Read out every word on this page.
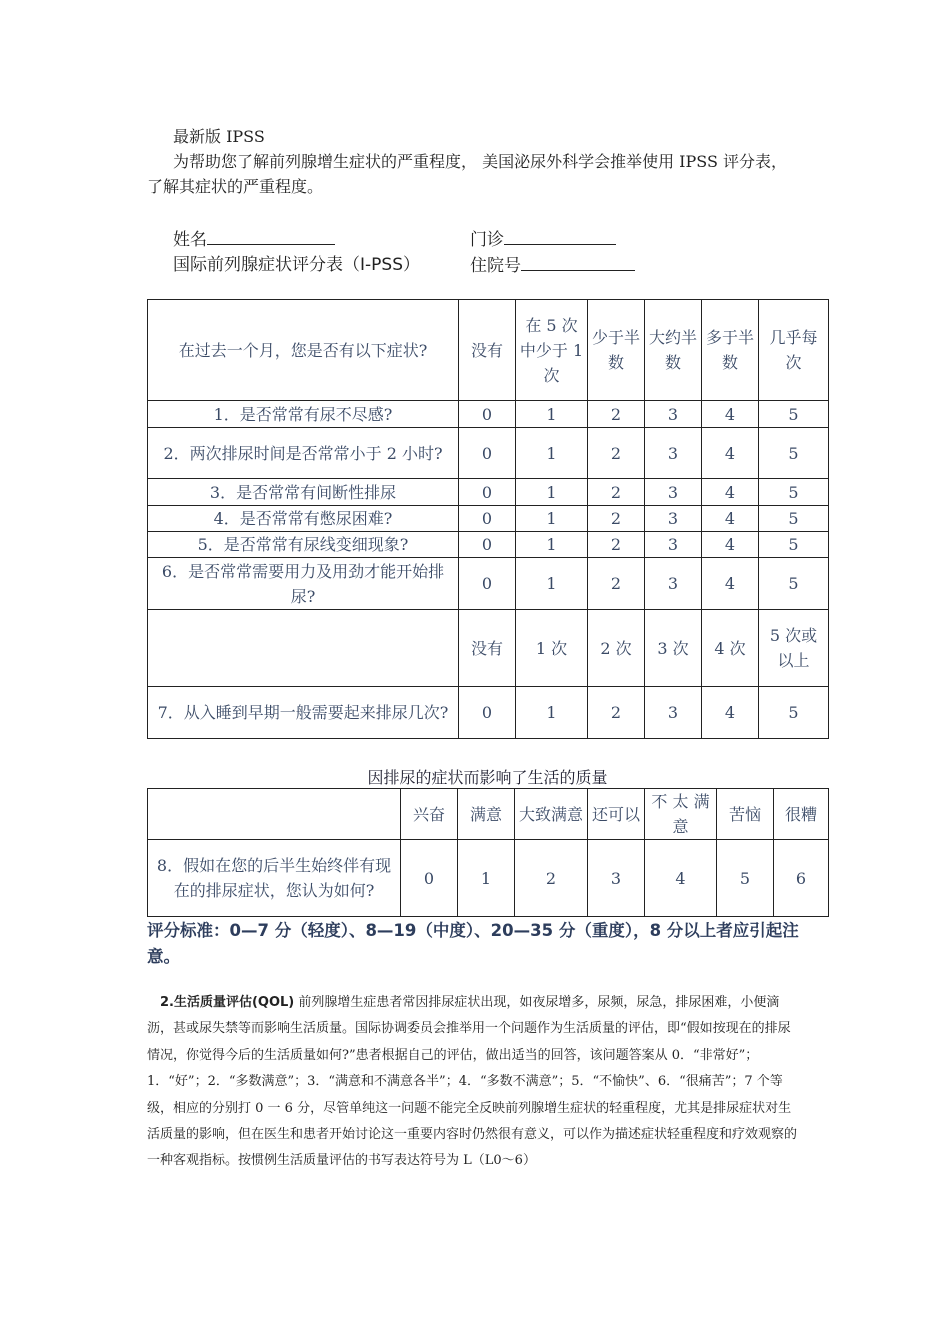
最新版 IPSS

为帮助您了解前列腺增生症状的严重程度， 美国泌尿外科学会推举使用 IPSS 评分表，了解其症状的严重程度。

姓名	门诊
国际前列腺症状评分表（I-PSS）	住院号
在过去一个月，您是否有以下症状?	没有	在 5 次中少于 1 次	少于半数	大约半数	多于半数	几乎每次
1．是否常常有尿不尽感?	0	1	2	3	4	5
2．两次排尿时间是否常常小于 2 小时?	0	1	2	3	4	5
3．是否常常有间断性排尿	0	1	2	3	4	5
4．是否常常有憋尿困难?	0	1	2	3	4	5
5．是否常常有尿线变细现象?	0	1	2	3	4	5
6．是否常常需要用力及用劲才能开始排尿?	0	1	2	3	4	5
	没有	1 次	2 次	3 次	4 次	5 次或以上
7．从入睡到早期一般需要起来排尿几次?	0	1	2	3	4	5
因排尿的症状而影响了生活的质量
	兴奋	满意	大致满意	还可以	不 太 满 意	苦恼	很糟
8．假如在您的后半生始终伴有现在的排尿症状，您认为如何?	0	1	2	3	4	5	6
评分标准：0—7 分（轻度）、8—19（中度）、20—35 分（重度），8 分以上者应引起注意。
2.生活质量评估(QOL) 前列腺增生症患者常因排尿症状出现，如夜尿增多，尿频，尿急，排尿困难，小便滴沥，甚或尿失禁等而影响生活质量。国际协调委员会推举用一个问题作为生活质量的评估，即“假如按现在的排尿情况，你觉得今后的生活质量如何?”患者根据自己的评估，做出适当的回答，该问题答案从 0．“非常好”；1．“好”；2．“多数满意”；3．“满意和不满意各半”；4．“多数不满意”；5．“不愉快”、6．“很痛苦”；7 个等级，相应的分别打 0 一 6 分，尽管单纯这一问题不能完全反映前列腺增生症状的轻重程度，尤其是排尿症状对生活质量的影响，但在医生和患者开始讨论这一重要内容时仍然很有意义，可以作为描述症状轻重程度和疗效观察的一种客观指标。按惯例生活质量评估的书写表达符号为 L（L0～6）
